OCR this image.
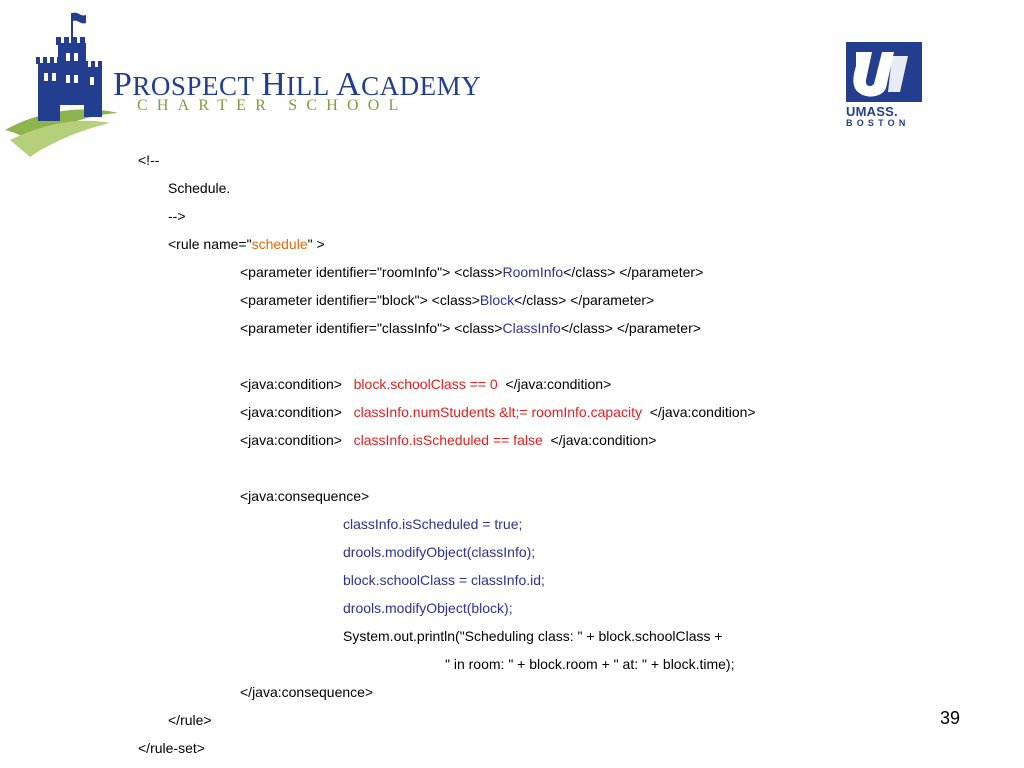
PROSPECT HILL ACADEMY
CHARTER SCHOOL	UMASS.
BOSTON
<!--
Schedule.
-->
<rule name="schedule" >
<parameter identifier="roomInfo"> <class>RoomInfo</class> </parameter>
<parameter identifier="block"> <class>Block</class> </parameter>
<parameter identifier="classInfo"> <class>ClassInfo</class> </parameter>
<java:condition>   block.schoolClass == 0  </java:condition>
<java:condition>   classInfo.numStudents &lt;= roomInfo.capacity  </java:condition>
<java:condition>   classInfo.isScheduled == false  </java:condition>
<java:consequence>
classInfo.isScheduled = true;
drools.modifyObject(classInfo);
block.schoolClass = classInfo.id;
drools.modifyObject(block);
System.out.println("Scheduling class: " + block.schoolClass +
" in room: " + block.room + " at: " + block.time);
</java:consequence>
</rule>
</rule-set>
39
